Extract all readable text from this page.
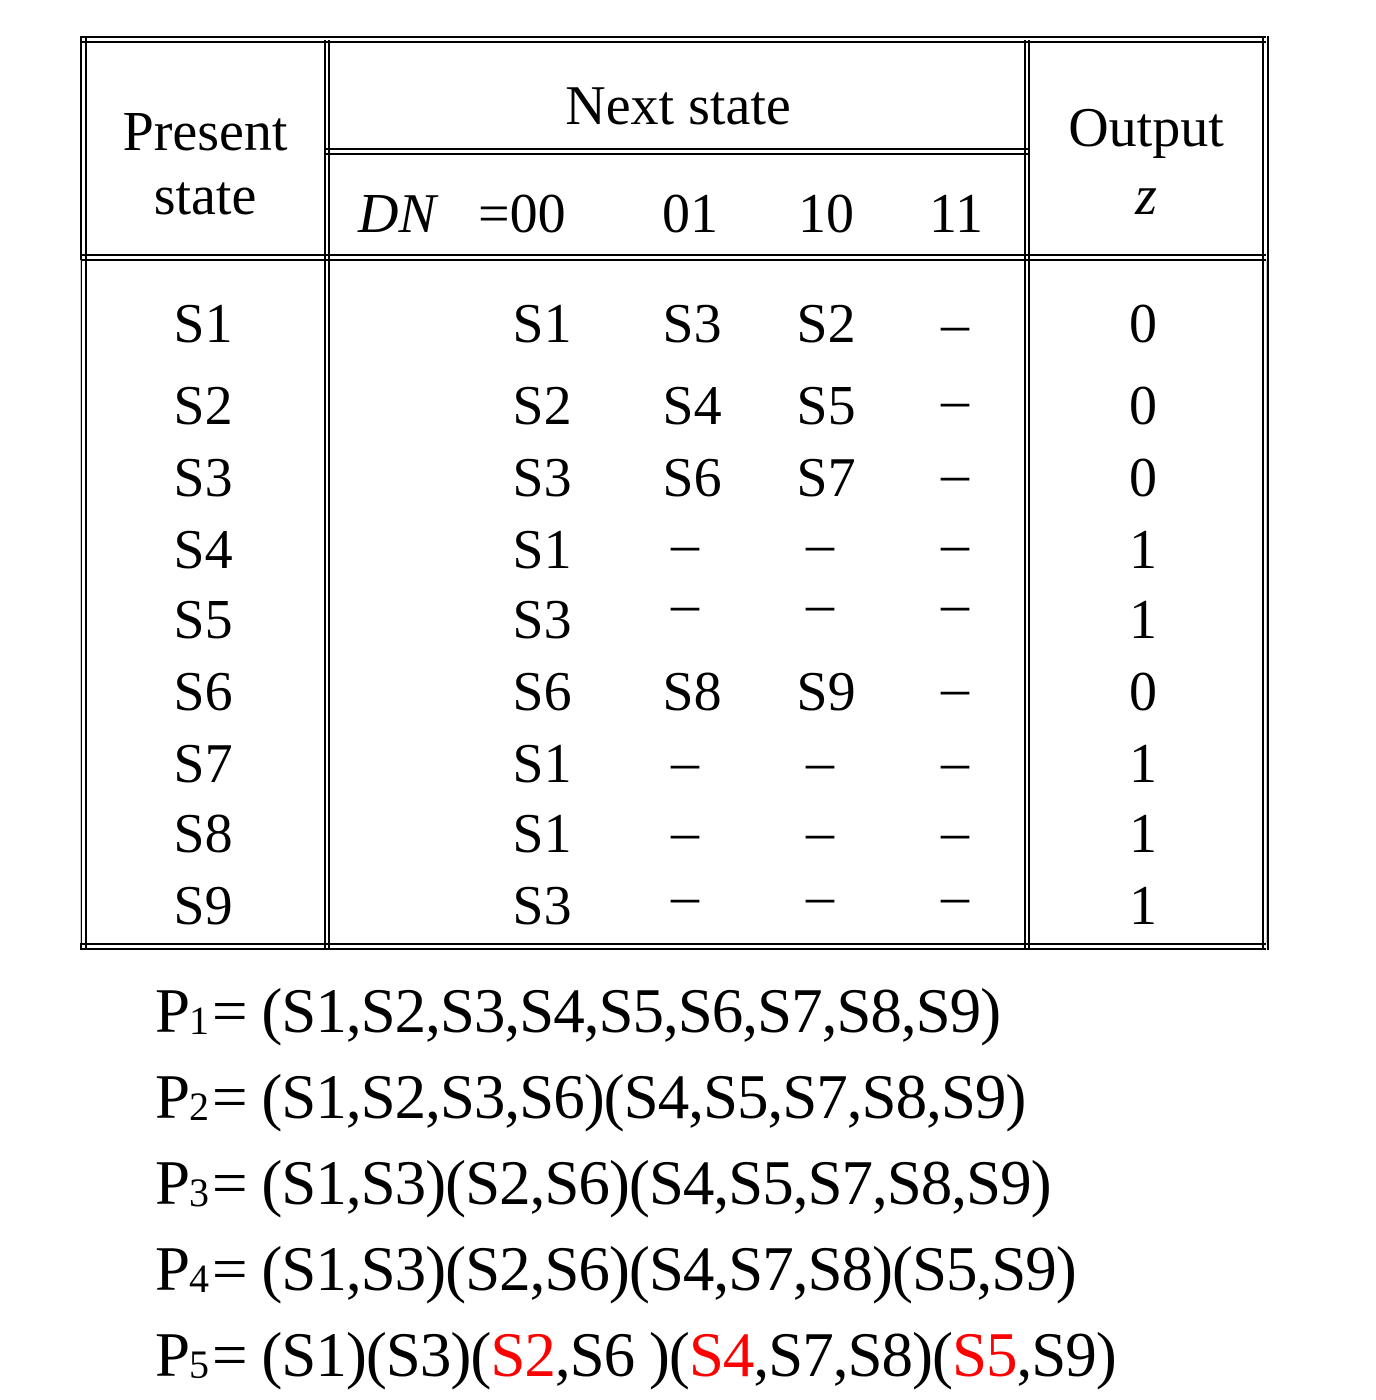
Present state
Next state	Output
z
DN =00	01	10	11
S1	S1	S3	S2	–	0
S2	S2	S4	S5	–	0
S3	S3	S6	S7	–	0
S4	S1	–	–	–	1
S5	S3	–	–	–	1
S6	S6	S8	S9	–	0
S7	S1	–	–	–	1
S8	S1	–	–	–	1
S9	S3	–	–	–	1
P1= (S1,S2,S3,S4,S5,S6,S7,S8,S9)
P2= (S1,S2,S3,S6)(S4,S5,S7,S8,S9)
P3= (S1,S3)(S2,S6)(S4,S5,S7,S8,S9)
P4= (S1,S3)(S2,S6)(S4,S7,S8)(S5,S9)
P5= (S1)(S3)(S2,S6 )(S4,S7,S8)(S5,S9)
